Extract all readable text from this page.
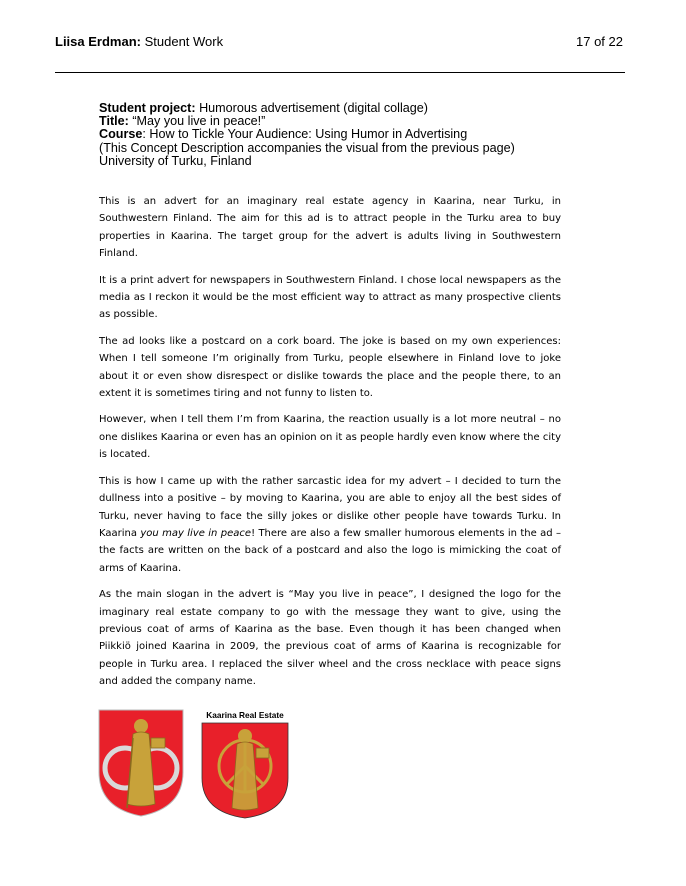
Liisa Erdman: Student Work	17 of 22
Student project: Humorous advertisement (digital collage)
Title: “May you live in peace!”
Course: How to Tickle Your Audience: Using Humor in Advertising
(This Concept Description accompanies the visual from the previous page)
University of Turku, Finland

This is an advert for an imaginary real estate agency in Kaarina, near Turku, in Southwestern Finland. The aim for this ad is to attract people in the Turku area to buy properties in Kaarina. The target group for the advert is adults living in Southwestern Finland.

It is a print advert for newspapers in Southwestern Finland. I chose local newspapers as the media as I reckon it would be the most efficient way to attract as many prospective clients as possible.

The ad looks like a postcard on a cork board. The joke is based on my own experiences: When I tell someone I’m originally from Turku, people elsewhere in Finland love to joke about it or even show disrespect or dislike towards the place and the people there, to an extent it is sometimes tiring and not funny to listen to.

However, when I tell them I’m from Kaarina, the reaction usually is a lot more neutral – no one dislikes Kaarina or even has an opinion on it as people hardly even know where the city is located.

This is how I came up with the rather sarcastic idea for my advert – I decided to turn the dullness into a positive – by moving to Kaarina, you are able to enjoy all the best sides of Turku, never having to face the silly jokes or dislike other people have towards Turku. In Kaarina you may live in peace! There are also a few smaller humorous elements in the ad – the facts are written on the back of a postcard and also the logo is mimicking the coat of arms of Kaarina.

As the main slogan in the advert is “May you live in peace”, I designed the logo for the imaginary real estate company to go with the message they want to give, using the previous coat of arms of Kaarina as the base. Even though it has been changed when Piikkiö joined Kaarina in 2009, the previous coat of arms of Kaarina is recognizable for people in Turku area. I replaced the silver wheel and the cross necklace with peace signs and added the company name.

Kaarina Real Estate
